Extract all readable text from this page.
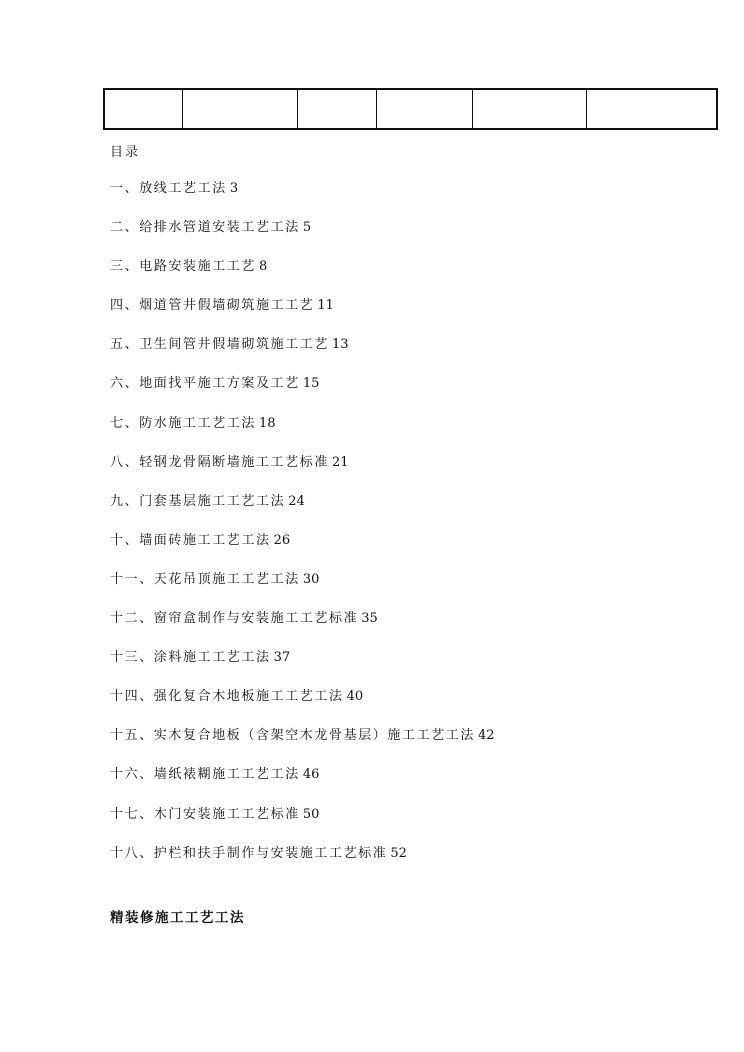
目录
一、放线工艺工法 3
二、给排水管道安装工艺工法 5
三、电路安装施工工艺 8
四、烟道管井假墙砌筑施工工艺 11
五、卫生间管井假墙砌筑施工工艺 13
六、地面找平施工方案及工艺 15
七、防水施工工艺工法 18
八、轻钢龙骨隔断墙施工工艺标准 21
九、门套基层施工工艺工法 24
十、墙面砖施工工艺工法 26
十一、天花吊顶施工工艺工法 30
十二、窗帘盒制作与安装施工工艺标准 35
十三、涂料施工工艺工法 37
十四、强化复合木地板施工工艺工法 40
十五、实木复合地板（含架空木龙骨基层）施工工艺工法 42
十六、墙纸裱糊施工工艺工法 46
十七、木门安装施工工艺标准 50
十八、护栏和扶手制作与安装施工工艺标准 52
精装修施工工艺工法
